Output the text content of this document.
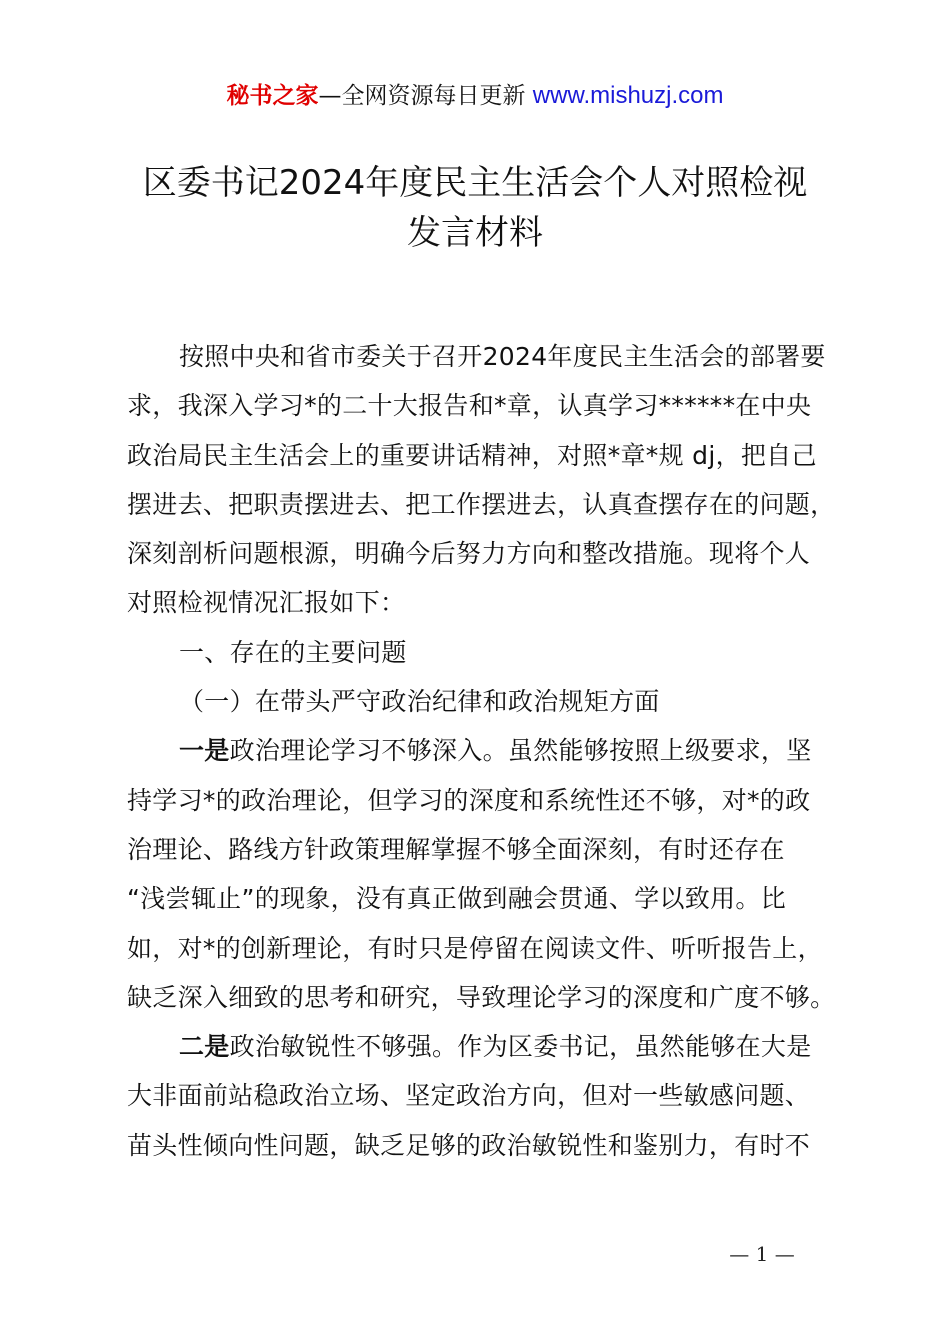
秘书之家—全网资源每日更新 www.mishuzj.com
区委书记2024年度民主生活会个人对照检视
发言材料
按照中央和省市委关于召开2024年度民主生活会的部署要
求，我深入学习*的二十大报告和*章，认真学习******在中央
政治局民主生活会上的重要讲话精神，对照*章*规 dj，把自己
摆进去、把职责摆进去、把工作摆进去，认真查摆存在的问题，
深刻剖析问题根源，明确今后努力方向和整改措施。现将个人
对照检视情况汇报如下：
一、存在的主要问题
（一）在带头严守政治纪律和政治规矩方面
一是政治理论学习不够深入。虽然能够按照上级要求，坚
持学习*的政治理论，但学习的深度和系统性还不够，对*的政
治理论、路线方针政策理解掌握不够全面深刻，有时还存在
“浅尝辄止”的现象，没有真正做到融会贯通、学以致用。比
如，对*的创新理论，有时只是停留在阅读文件、听听报告上，
缺乏深入细致的思考和研究，导致理论学习的深度和广度不够。
二是政治敏锐性不够强。作为区委书记，虽然能够在大是
大非面前站稳政治立场、坚定政治方向，但对一些敏感问题、
苗头性倾向性问题，缺乏足够的政治敏锐性和鉴别力，有时不
— 1 —
